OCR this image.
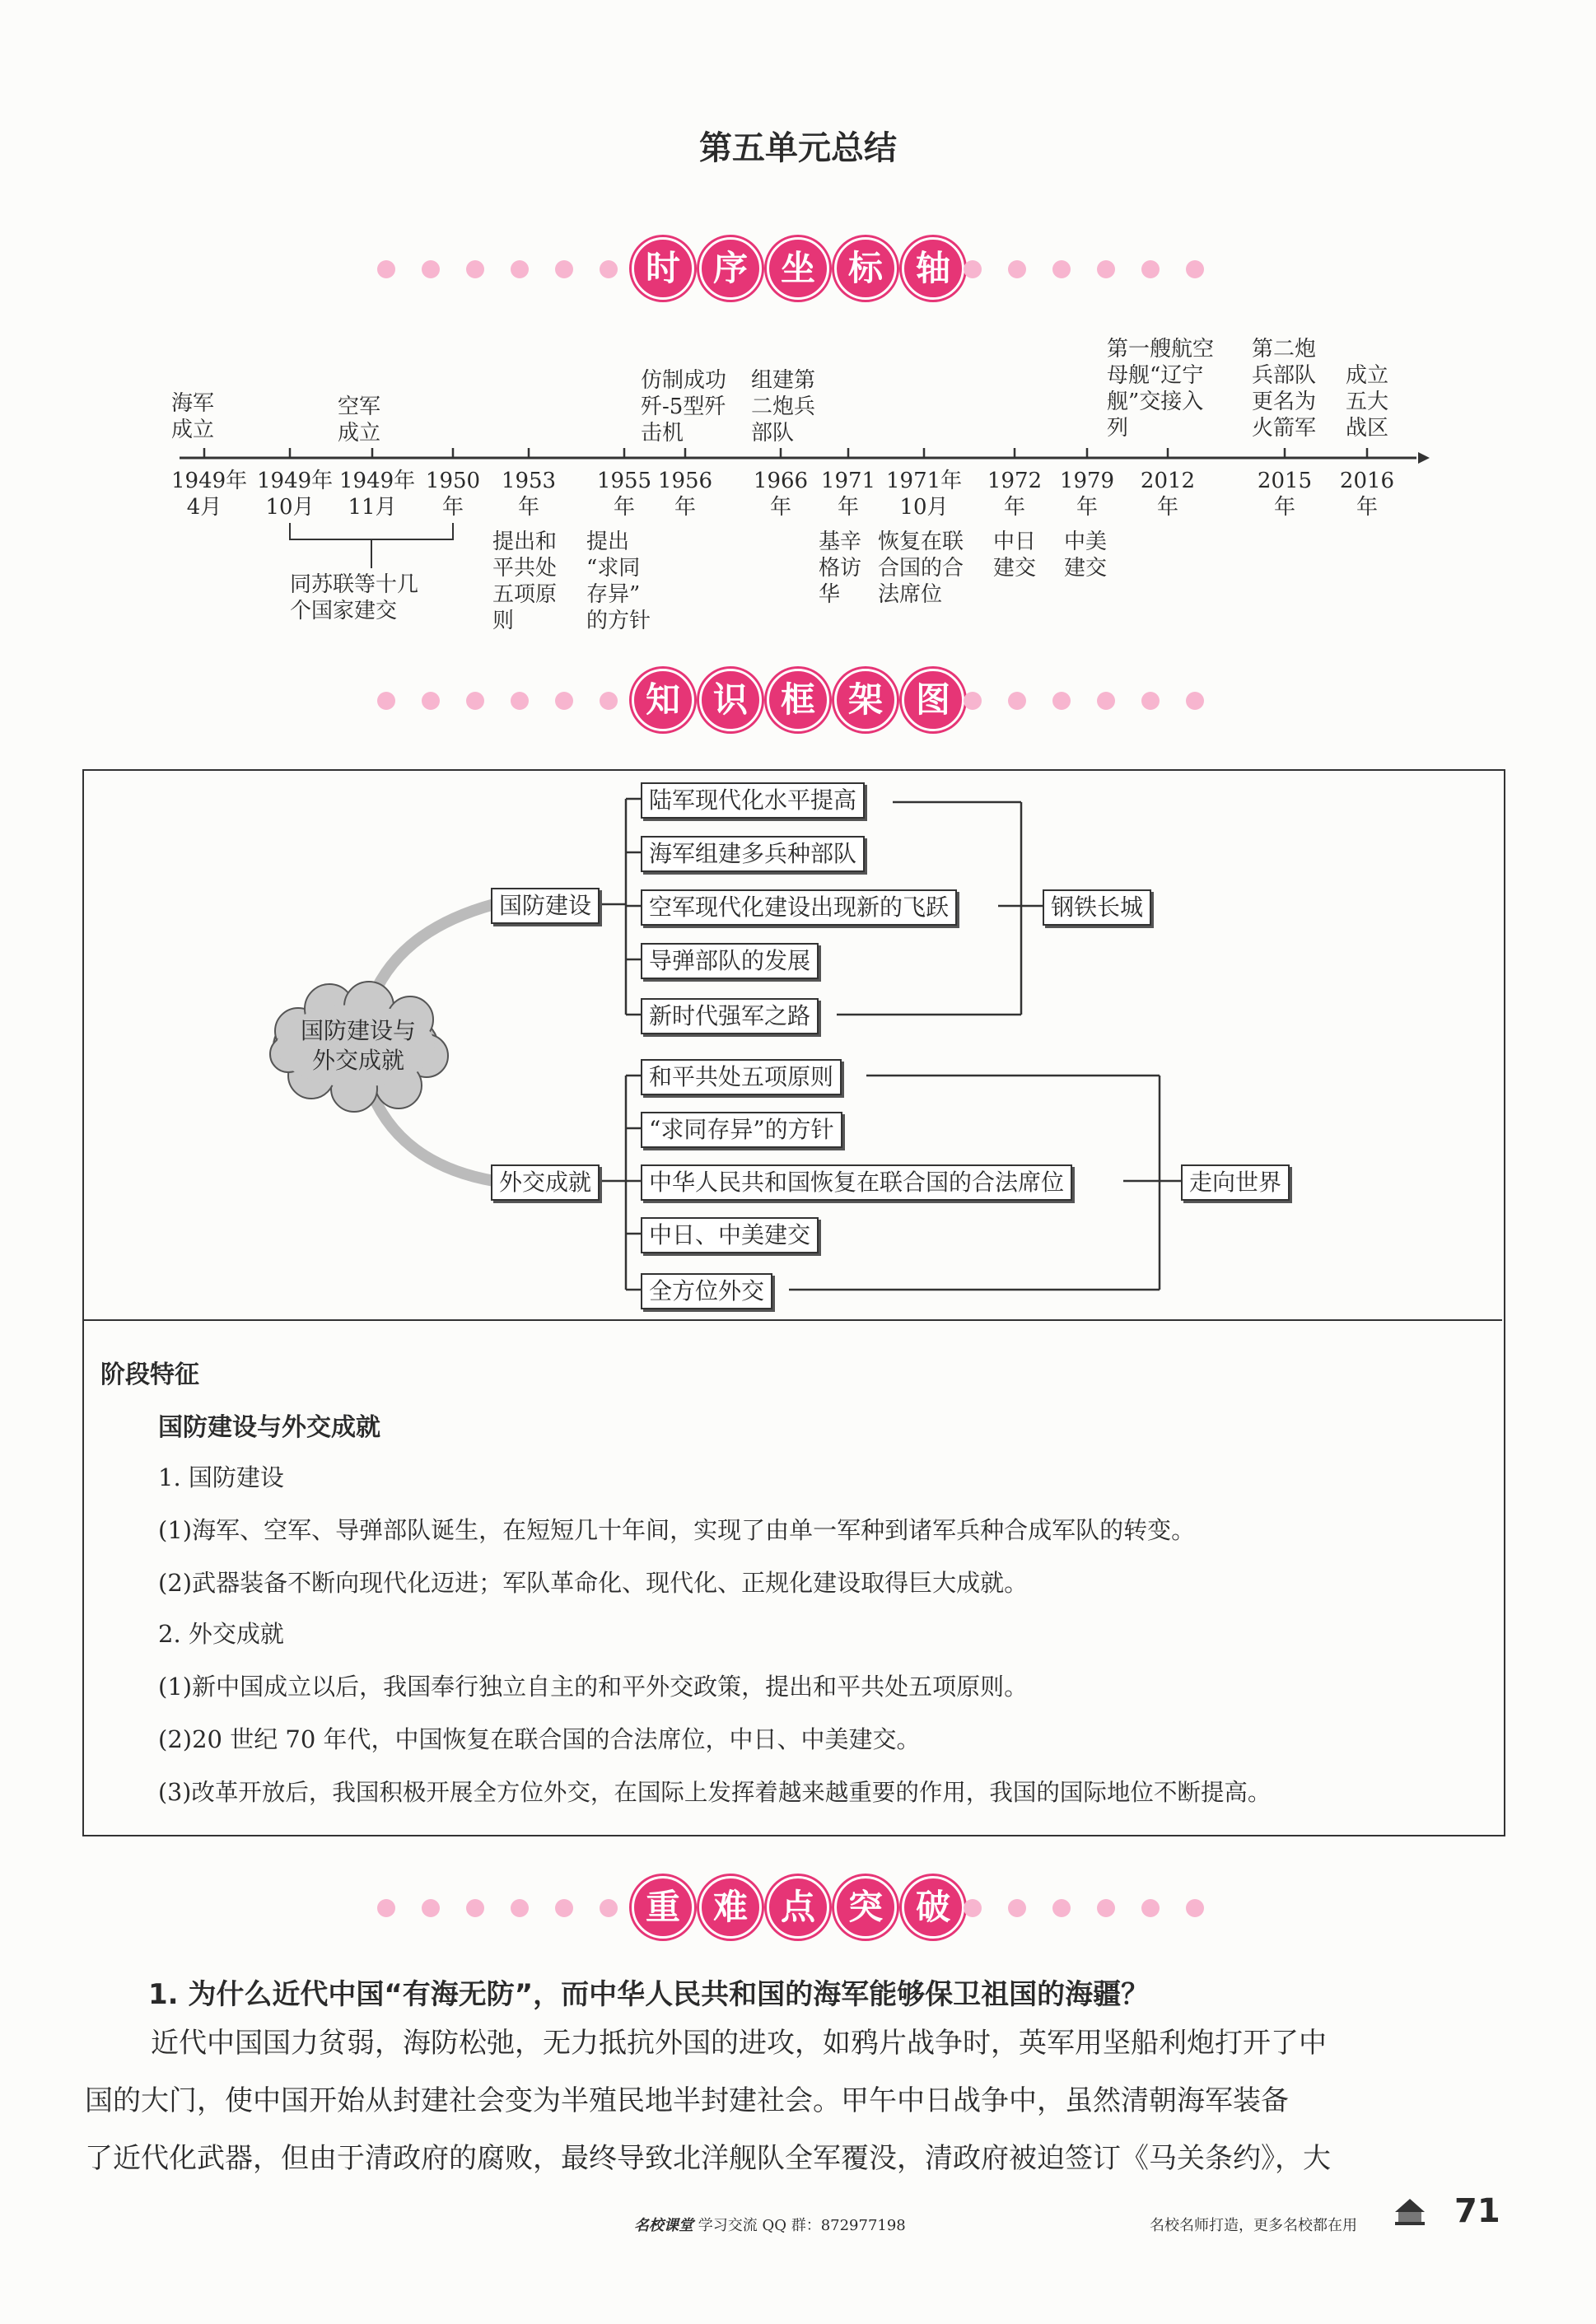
第五单元总结
时 序 坐 标 轴
1949年
4月
1949年
10月
1949年
11月
1950
年
1953
年
1955
年
1956
年
1966
年
1971
年
1971年
10月
1972
年
1979
年
2012
年
2015
年
2016
年
海军
成立
空军
成立
仿制成功
歼-5型歼
击机
组建第
二炮兵
部队
第一艘航空
母舰“辽宁
舰”交接入
列
第二炮
兵部队
更名为
火箭军
成立
五大
战区
同苏联等十几
个国家建交
提出和
平共处
五项原
则
提出
“求同
存异”
的方针
基辛
格访
华
恢复在联
合国的合
法席位
中日
建交
中美
建交
知 识 框 架 图
国防建设与
外交成就
国防建设
陆军现代化水平提高
海军组建多兵种部队
空军现代化建设出现新的飞跃
导弹部队的发展
新时代强军之路
钢铁长城
外交成就
和平共处五项原则
“求同存异”的方针
中华人民共和国恢复在联合国的合法席位
中日、中美建交
全方位外交
走向世界
阶段特征
国防建设与外交成就
1. 国防建设
(1)海军、空军、导弹部队诞生，在短短几十年间，实现了由单一军种到诸军兵种合成军队的转变。
(2)武器装备不断向现代化迈进；军队革命化、现代化、正规化建设取得巨大成就。
2. 外交成就
(1)新中国成立以后，我国奉行独立自主的和平外交政策，提出和平共处五项原则。
(2)20 世纪 70 年代，中国恢复在联合国的合法席位，中日、中美建交。
(3)改革开放后，我国积极开展全方位外交，在国际上发挥着越来越重要的作用，我国的国际地位不断提高。
重 难 点 突 破
1. 为什么近代中国“有海无防”，而中华人民共和国的海军能够保卫祖国的海疆？
近代中国国力贫弱，海防松弛，无力抵抗外国的进攻，如鸦片战争时，英军用坚船利炮打开了中
国的大门，使中国开始从封建社会变为半殖民地半封建社会。甲午中日战争中，虽然清朝海军装备
了近代化武器，但由于清政府的腐败，最终导致北洋舰队全军覆没，清政府被迫签订《马关条约》，大
名校课堂 学习交流 QQ 群：872977198	名校名师打造，更多名校都在用	71
